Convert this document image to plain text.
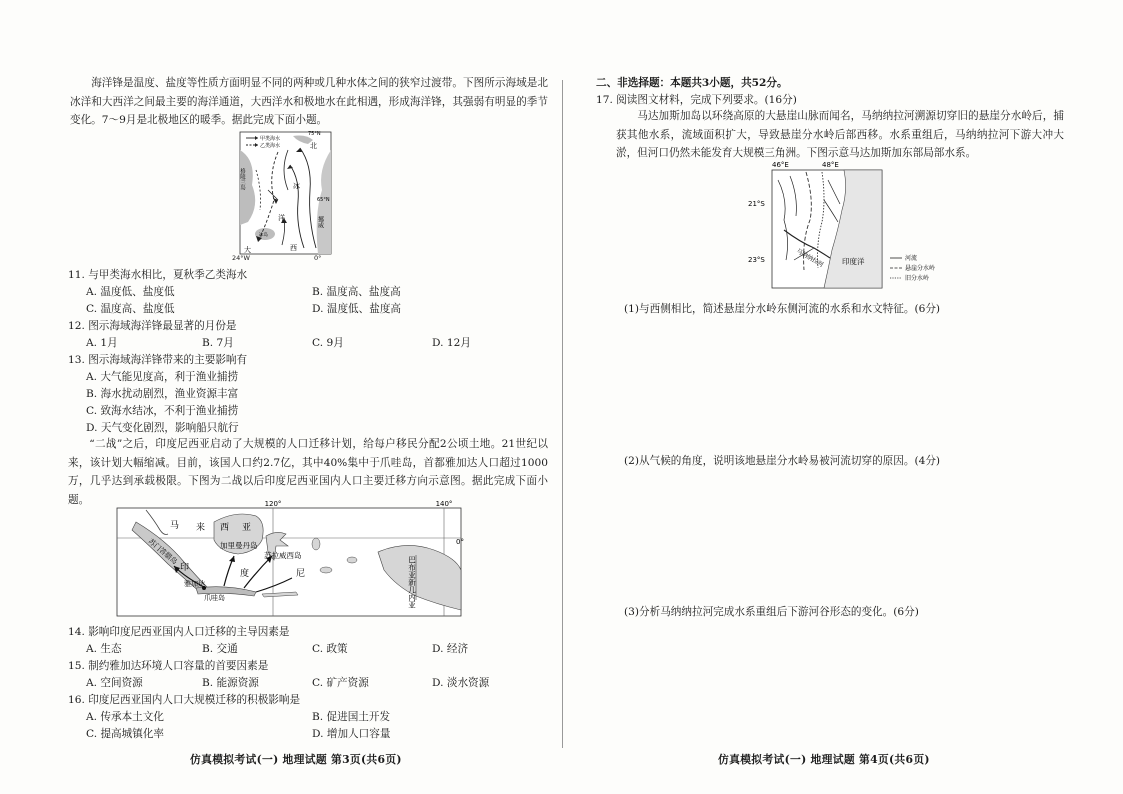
海洋锋是温度、盐度等性质方面明显不同的两种或几种水体之间的狭窄过渡带。下图所示海域是北冰洋和大西洋之间最主要的海洋通道，大西洋水和极地水在此相遇，形成海洋锋，其强弱有明显的季节变化。7～9月是北极地区的暖季。据此完成下面小题。
甲类海水
乙类海水
75°N
65°N
北
冰
洋
西
大
挪威
格陵兰岛
冰岛
24°W	0°
11. 与甲类海水相比，夏秋季乙类海水
A. 温度低、盐度低	B. 温度高、盐度高
C. 温度高、盐度低	D. 温度低、盐度高
12. 图示海域海洋锋最显著的月份是
A. 1月	B. 7月	C. 9月	D. 12月
13. 图示海域海洋锋带来的主要影响有
A. 大气能见度高，利于渔业捕捞
B. 海水扰动剧烈，渔业资源丰富
C. 致海水结冰，不利于渔业捕捞
D. 天气变化剧烈，影响船只航行
“二战”之后，印度尼西亚启动了大规模的人口迁移计划，给每户移民分配2公顷土地。21世纪以来，该计划大幅缩减。目前，该国人口约2.7亿，其中40%集中于爪哇岛，首都雅加达人口超过1000万，几乎达到承载极限。下图为二战以后印度尼西亚国内人口主要迁移方向示意图。据此完成下面小题。	120°	140°
0°
马 来 西 亚
加里曼丹岛
苏拉威西岛
苏门答腊岛
印
度	尼
雅加达
爪哇岛	巴布亚新几内亚
14. 影响印度尼西亚国内人口迁移的主导因素是
A. 生态	B. 交通	C. 政策	D. 经济
15. 制约雅加达环境人口容量的首要因素是
A. 空间资源	B. 能源资源	C. 矿产资源	D. 淡水资源
16. 印度尼西亚国内人口大规模迁移的积极影响是
A. 传承本土文化	B. 促进国土开发
C. 提高城镇化率	D. 增加人口容量
仿真模拟考试(一) 地理试题 第3页(共6页)
二、非选择题：本题共3小题，共52分。
17. 阅读图文材料，完成下列要求。(16分)
马达加斯加岛以环绕高原的大悬崖山脉而闻名，马纳纳拉河溯源切穿旧的悬崖分水岭后，捕获其他水系，流域面积扩大，导致悬崖分水岭后部西移。水系重组后，马纳纳拉河下游大冲大淤，但河口仍然未能发育大规模三角洲。下图示意马达加斯加东部局部水系。
46°E	48°E
21°S
23°S	马纳纳拉河 印度洋	河流
悬崖分水岭
旧分水岭
(1)与西侧相比，简述悬崖分水岭东侧河流的水系和水文特征。(6分)
(2)从气候的角度，说明该地悬崖分水岭易被河流切穿的原因。(4分)
(3)分析马纳纳拉河完成水系重组后下游河谷形态的变化。(6分)
仿真模拟考试(一) 地理试题 第4页(共6页)
